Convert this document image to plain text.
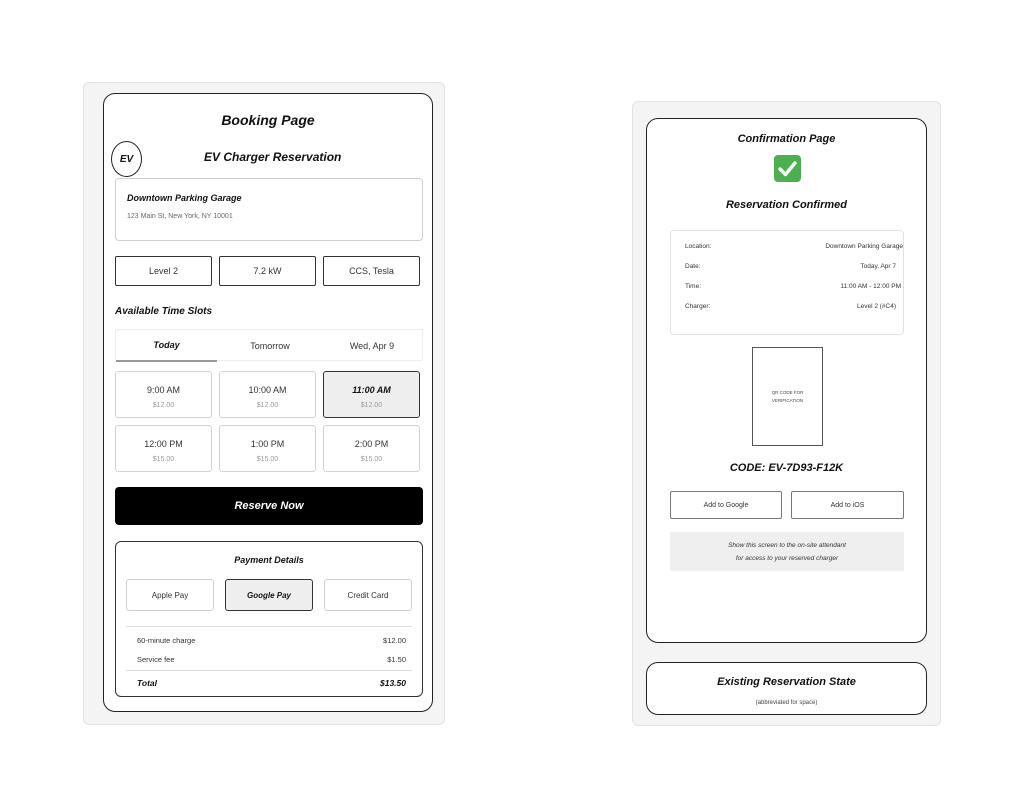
Booking Page
EV	EV Charger Reservation
Downtown Parking Garage
123 Main St, New York, NY 10001
Level 2	7.2 kW	CCS, Tesla
Available Time Slots
Today	Tomorrow	Wed, Apr 9
9:00 AM
$12.00
10:00 AM
$12.00
11:00 AM
$12.00
12:00 PM
$15.00
1:00 PM
$15.00
2:00 PM
$15.00
Reserve Now
Payment Details
Apple Pay	Google Pay	Credit Card
60-minute charge	$12.00
Service fee	$1.50
Total	$13.50
Confirmation Page
Reservation Confirmed
Location:	Downtown Parking Garage
Date:	Today, Apr 7
Time:	11:00 AM - 12:00 PM
Charger:	Level 2 (#C4)
QR CODE FOR
VERIFICATION
CODE: EV-7D93-F12K
Add to Google	Add to iOS
Show this screen to the on-site attendant
for access to your reserved charger
Existing Reservation State
(abbreviated for space)
